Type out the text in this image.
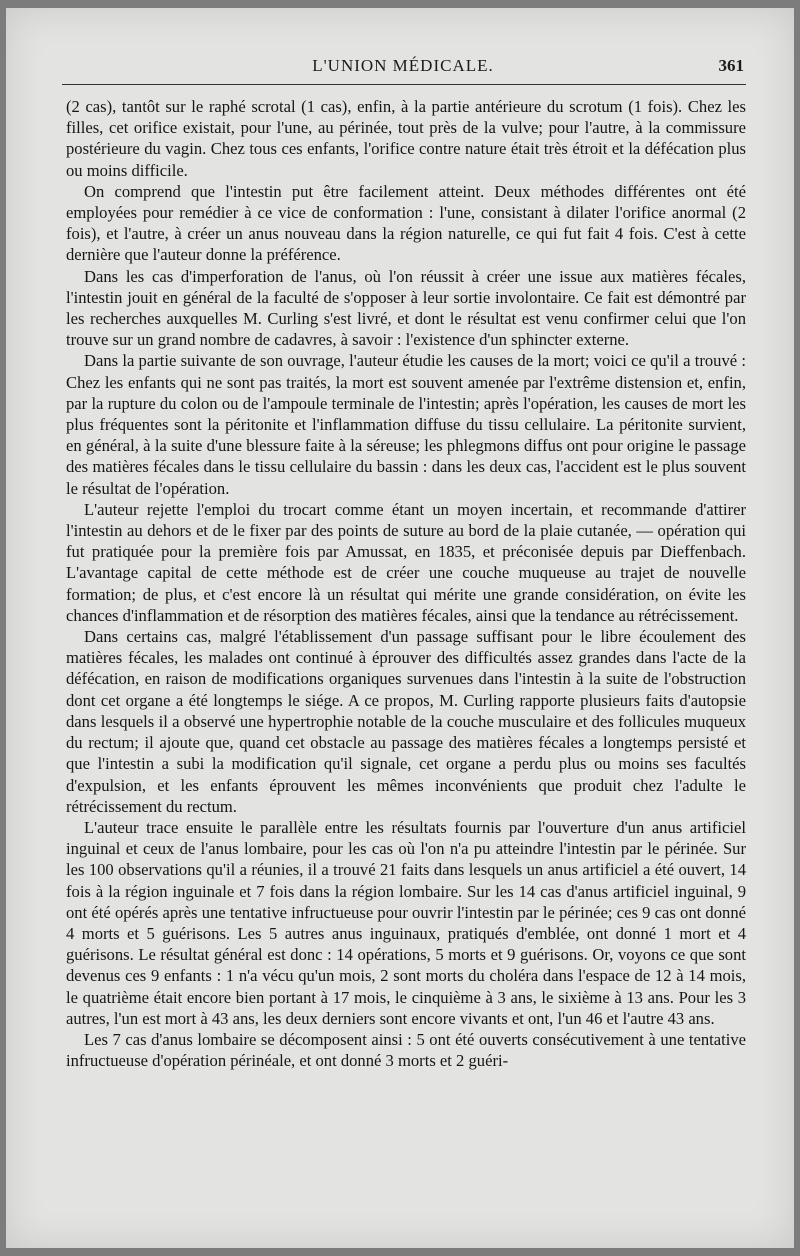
L'UNION MÉDICALE.	361

(2 cas), tantôt sur le raphé scrotal (1 cas), enfin, à la partie antérieure du scrotum (1 fois). Chez les filles, cet orifice existait, pour l'une, au périnée, tout près de la vulve; pour l'autre, à la commissure postérieure du vagin. Chez tous ces enfants, l'orifice contre nature était très étroit et la défécation plus ou moins difficile.

On comprend que l'intestin put être facilement atteint. Deux méthodes différentes ont été employées pour remédier à ce vice de conformation : l'une, consistant à dilater l'orifice anormal (2 fois), et l'autre, à créer un anus nouveau dans la région naturelle, ce qui fut fait 4 fois. C'est à cette dernière que l'auteur donne la préférence.

Dans les cas d'imperforation de l'anus, où l'on réussit à créer une issue aux matières fécales, l'intestin jouit en général de la faculté de s'opposer à leur sortie involontaire. Ce fait est démontré par les recherches auxquelles M. Curling s'est livré, et dont le résultat est venu confirmer celui que l'on trouve sur un grand nombre de cadavres, à savoir : l'existence d'un sphincter externe.

Dans la partie suivante de son ouvrage, l'auteur étudie les causes de la mort; voici ce qu'il a trouvé : Chez les enfants qui ne sont pas traités, la mort est souvent amenée par l'extrême distension et, enfin, par la rupture du colon ou de l'ampoule terminale de l'intestin; après l'opération, les causes de mort les plus fréquentes sont la péritonite et l'inflammation diffuse du tissu cellulaire. La péritonite survient, en général, à la suite d'une blessure faite à la séreuse; les phlegmons diffus ont pour origine le passage des matières fécales dans le tissu cellulaire du bassin : dans les deux cas, l'accident est le plus souvent le résultat de l'opération.

L'auteur rejette l'emploi du trocart comme étant un moyen incertain, et recommande d'attirer l'intestin au dehors et de le fixer par des points de suture au bord de la plaie cutanée, — opération qui fut pratiquée pour la première fois par Amussat, en 1835, et préconisée depuis par Dieffenbach. L'avantage capital de cette méthode est de créer une couche muqueuse au trajet de nouvelle formation; de plus, et c'est encore là un résultat qui mérite une grande considération, on évite les chances d'inflammation et de résorption des matières fécales, ainsi que la tendance au rétrécissement.

Dans certains cas, malgré l'établissement d'un passage suffisant pour le libre écoulement des matières fécales, les malades ont continué à éprouver des difficultés assez grandes dans l'acte de la défécation, en raison de modifications organiques survenues dans l'intestin à la suite de l'obstruction dont cet organe a été longtemps le siége. A ce propos, M. Curling rapporte plusieurs faits d'autopsie dans lesquels il a observé une hypertrophie notable de la couche musculaire et des follicules muqueux du rectum; il ajoute que, quand cet obstacle au passage des matières fécales a longtemps persisté et que l'intestin a subi la modification qu'il signale, cet organe a perdu plus ou moins ses facultés d'expulsion, et les enfants éprouvent les mêmes inconvénients que produit chez l'adulte le rétrécissement du rectum.

L'auteur trace ensuite le parallèle entre les résultats fournis par l'ouverture d'un anus artificiel inguinal et ceux de l'anus lombaire, pour les cas où l'on n'a pu atteindre l'intestin par le périnée. Sur les 100 observations qu'il a réunies, il a trouvé 21 faits dans lesquels un anus artificiel a été ouvert, 14 fois à la région inguinale et 7 fois dans la région lombaire. Sur les 14 cas d'anus artificiel inguinal, 9 ont été opérés après une tentative infructueuse pour ouvrir l'intestin par le périnée; ces 9 cas ont donné 4 morts et 5 guérisons. Les 5 autres anus inguinaux, pratiqués d'emblée, ont donné 1 mort et 4 guérisons. Le résultat général est donc : 14 opérations, 5 morts et 9 guérisons. Or, voyons ce que sont devenus ces 9 enfants : 1 n'a vécu qu'un mois, 2 sont morts du choléra dans l'espace de 12 à 14 mois, le quatrième était encore bien portant à 17 mois, le cinquième à 3 ans, le sixième à 13 ans. Pour les 3 autres, l'un est mort à 43 ans, les deux derniers sont encore vivants et ont, l'un 46 et l'autre 43 ans.

Les 7 cas d'anus lombaire se décomposent ainsi : 5 ont été ouverts consécutivement à une tentative infructueuse d'opération périnéale, et ont donné 3 morts et 2 guéri-
